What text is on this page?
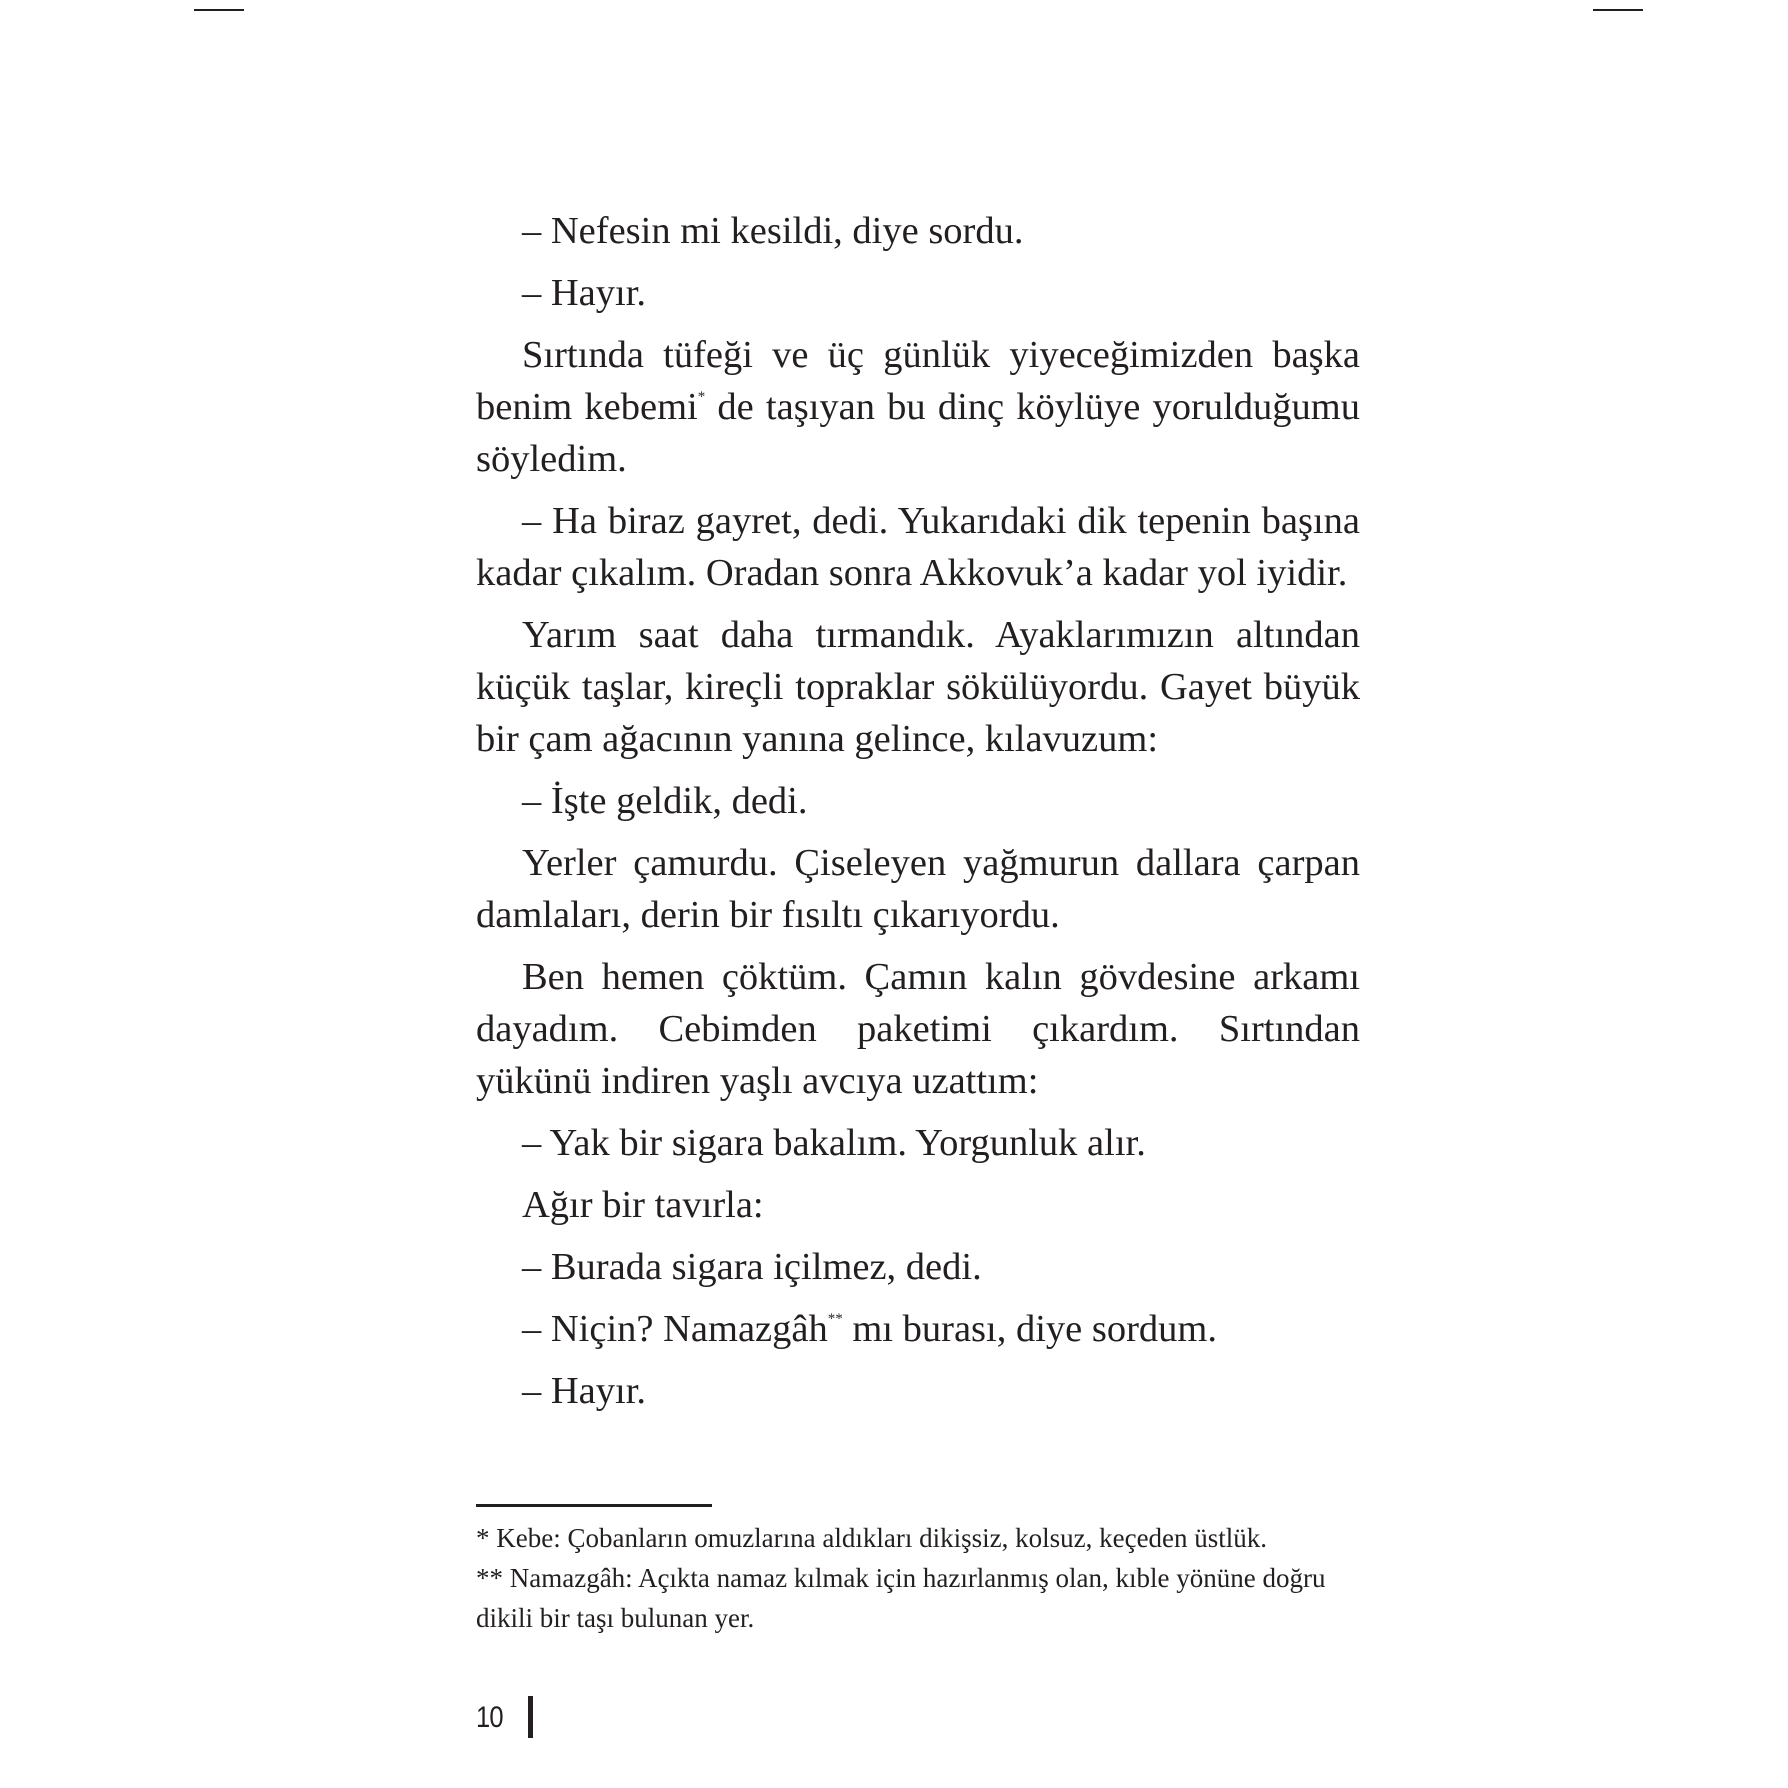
– Nefesin mi kesildi, diye sordu.

– Hayır.

Sırtında tüfeği ve üç günlük yiyeceğimizden başka benim kebemi* de taşıyan bu dinç köylüye yorulduğumu söyledim.

– Ha biraz gayret, dedi. Yukarıdaki dik tepenin başına kadar çıkalım. Oradan sonra Akkovuk’a kadar yol iyidir.

Yarım saat daha tırmandık. Ayaklarımızın altından küçük taşlar, kireçli topraklar sökülüyordu. Gayet büyük bir çam ağacının yanına gelince, kılavuzum:

– İşte geldik, dedi.

Yerler çamurdu. Çiseleyen yağmurun dallara çarpan damlaları, derin bir fısıltı çıkarıyordu.

Ben hemen çöktüm. Çamın kalın gövdesine arkamı dayadım. Cebimden paketimi çıkardım. Sırtından yükünü indiren yaşlı avcıya uzattım:

– Yak bir sigara bakalım. Yorgunluk alır.

Ağır bir tavırla:

– Burada sigara içilmez, dedi.

– Niçin? Namazgâh** mı burası, diye sordum.

– Hayır.

* Kebe: Çobanların omuzlarına aldıkları dikişsiz, kolsuz, keçeden üstlük.

** Namazgâh: Açıkta namaz kılmak için hazırlanmış olan, kıble yönüne doğru dikili bir taşı bulunan yer.

10
